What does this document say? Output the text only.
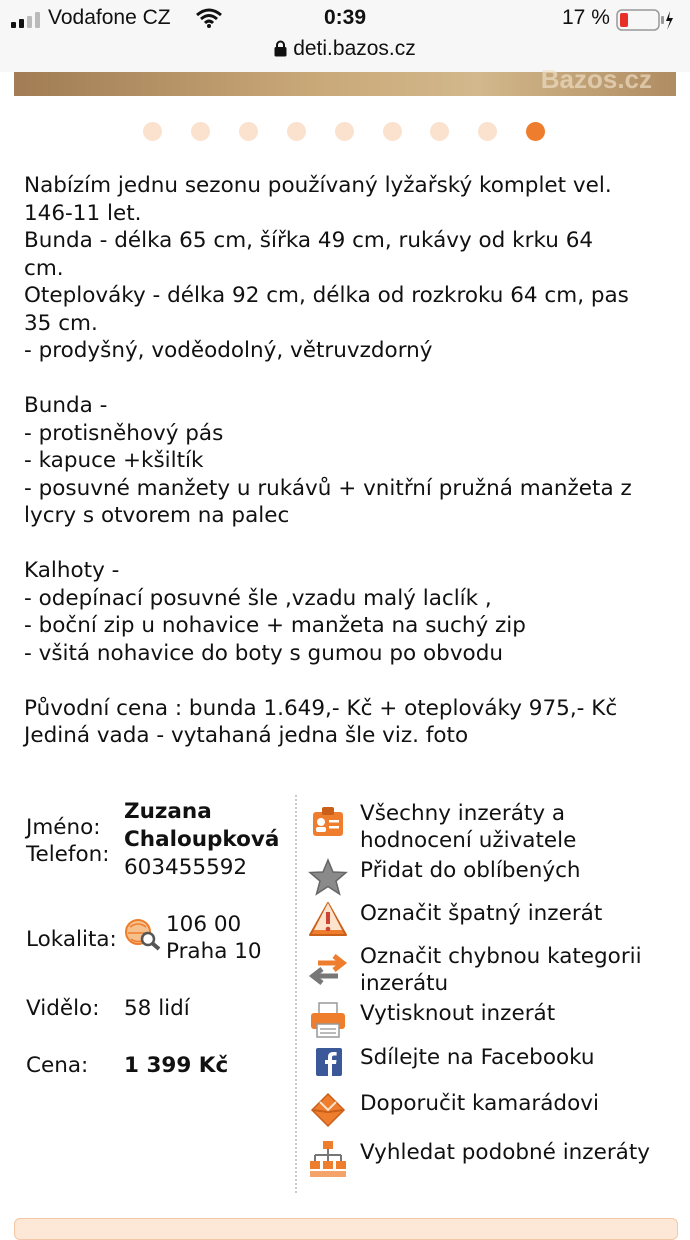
Vodafone CZ	0:39	17 %
deti.bazos.cz
Bazos.cz
Nabízím jednu sezonu používaný lyžařský komplet vel.
146-11 let.
Bunda - délka 65 cm, šířka 49 cm, rukávy od krku 64
cm.
Oteplováky - délka 92 cm, délka od rozkroku 64 cm, pas
35 cm.
- prodyšný, voděodolný, větruvzdorný
Bunda -
- protisněhový pás
- kapuce +kšiltík
- posuvné manžety u rukávů + vnitřní pružná manžeta z
lycry s otvorem na palec
Kalhoty -
- odepínací posuvné šle ,vzadu malý laclík ,
- boční zip u nohavice + manžeta na suchý zip
- všitá nohavice do boty s gumou po obvodu
Původní cena : bunda 1.649,- Kč + oteplováky 975,- Kč
Jediná vada - vytahaná jedna šle viz. foto
Jméno:
Zuzana
Chaloupková
Telefon:
603455592
Lokalita:
106 00
Praha 10
Vidělo: 58 lidí
Cena: 1 399 Kč
Všechny inzeráty a hodnocení uživatele
Přidat do oblíbených
Označit špatný inzerát
Označit chybnou kategorii inzerátu
Vytisknout inzerát
Sdílejte na Facebooku
Doporučit kamarádovi
Vyhledat podobné inzeráty
